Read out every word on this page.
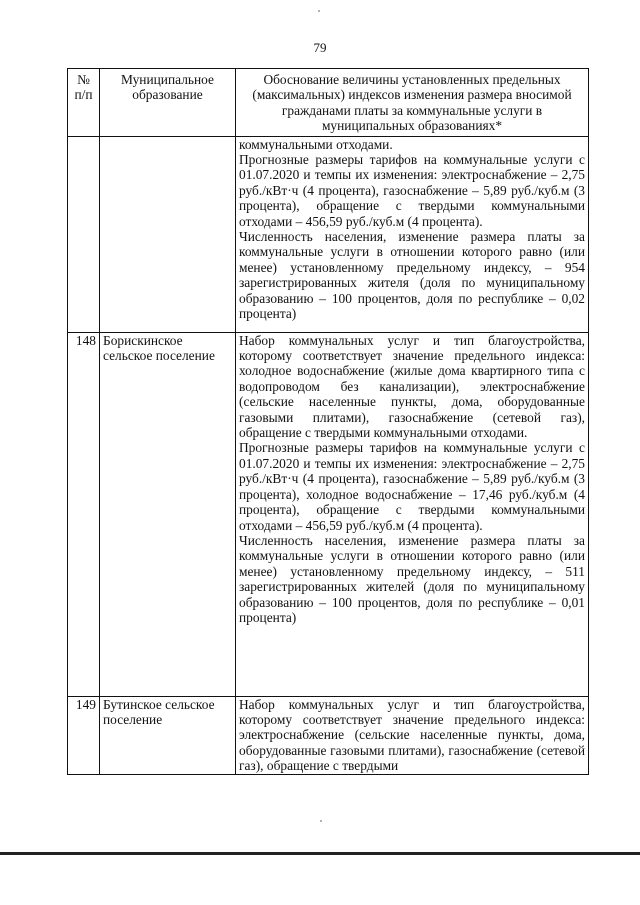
79
№ п/п	Муниципальное образование	Обоснование величины установленных предельных (максимальных) индексов изменения размера вносимой гражданами платы за коммунальные услуги в муниципальных образованиях*

		коммунальными отходами.

Прогнозные размеры тарифов на коммунальные услуги с 01.07.2020 и темпы их изменения: электроснабжение – 2,75 руб./кВт·ч (4 процента), газоснабжение – 5,89 руб./куб.м (3 процента), обращение с твердыми коммунальными отходами – 456,59 руб./куб.м (4 процента).

Численность населения, изменение размера платы за коммунальные услуги в отношении которого равно (или менее) установленному предельному индексу, – 954 зарегистрированных жителя (доля по муниципальному образованию – 100 процентов, доля по республике – 0,02 процента)

148	Борискинское сельское поселение	Набор коммунальных услуг и тип благоустройства, которому соответствует значение предельного индекса: холодное водоснабжение (жилые дома квартирного типа с водопроводом без канализации), электроснабжение (сельские населенные пункты, дома, оборудованные газовыми плитами), газоснабжение (сетевой газ), обращение с твердыми коммунальными отходами.

Прогнозные размеры тарифов на коммунальные услуги с 01.07.2020 и темпы их изменения: электроснабжение – 2,75 руб./кВт·ч (4 процента), газоснабжение – 5,89 руб./куб.м (3 процента), холодное водоснабжение – 17,46 руб./куб.м (4 процента), обращение с твердыми коммунальными отходами – 456,59 руб./куб.м (4 процента).

Численность населения, изменение размера платы за коммунальные услуги в отношении которого равно (или менее) установленному предельному индексу, – 511 зарегистрированных жителей (доля по муниципальному образованию – 100 процентов, доля по республике – 0,01 процента)

149	Бутинское сельское поселение	Набор коммунальных услуг и тип благоустройства, которому соответствует значение предельного индекса: электроснабжение (сельские населенные пункты, дома, оборудованные газовыми плитами), газоснабжение (сетевой газ), обращение с твердыми
